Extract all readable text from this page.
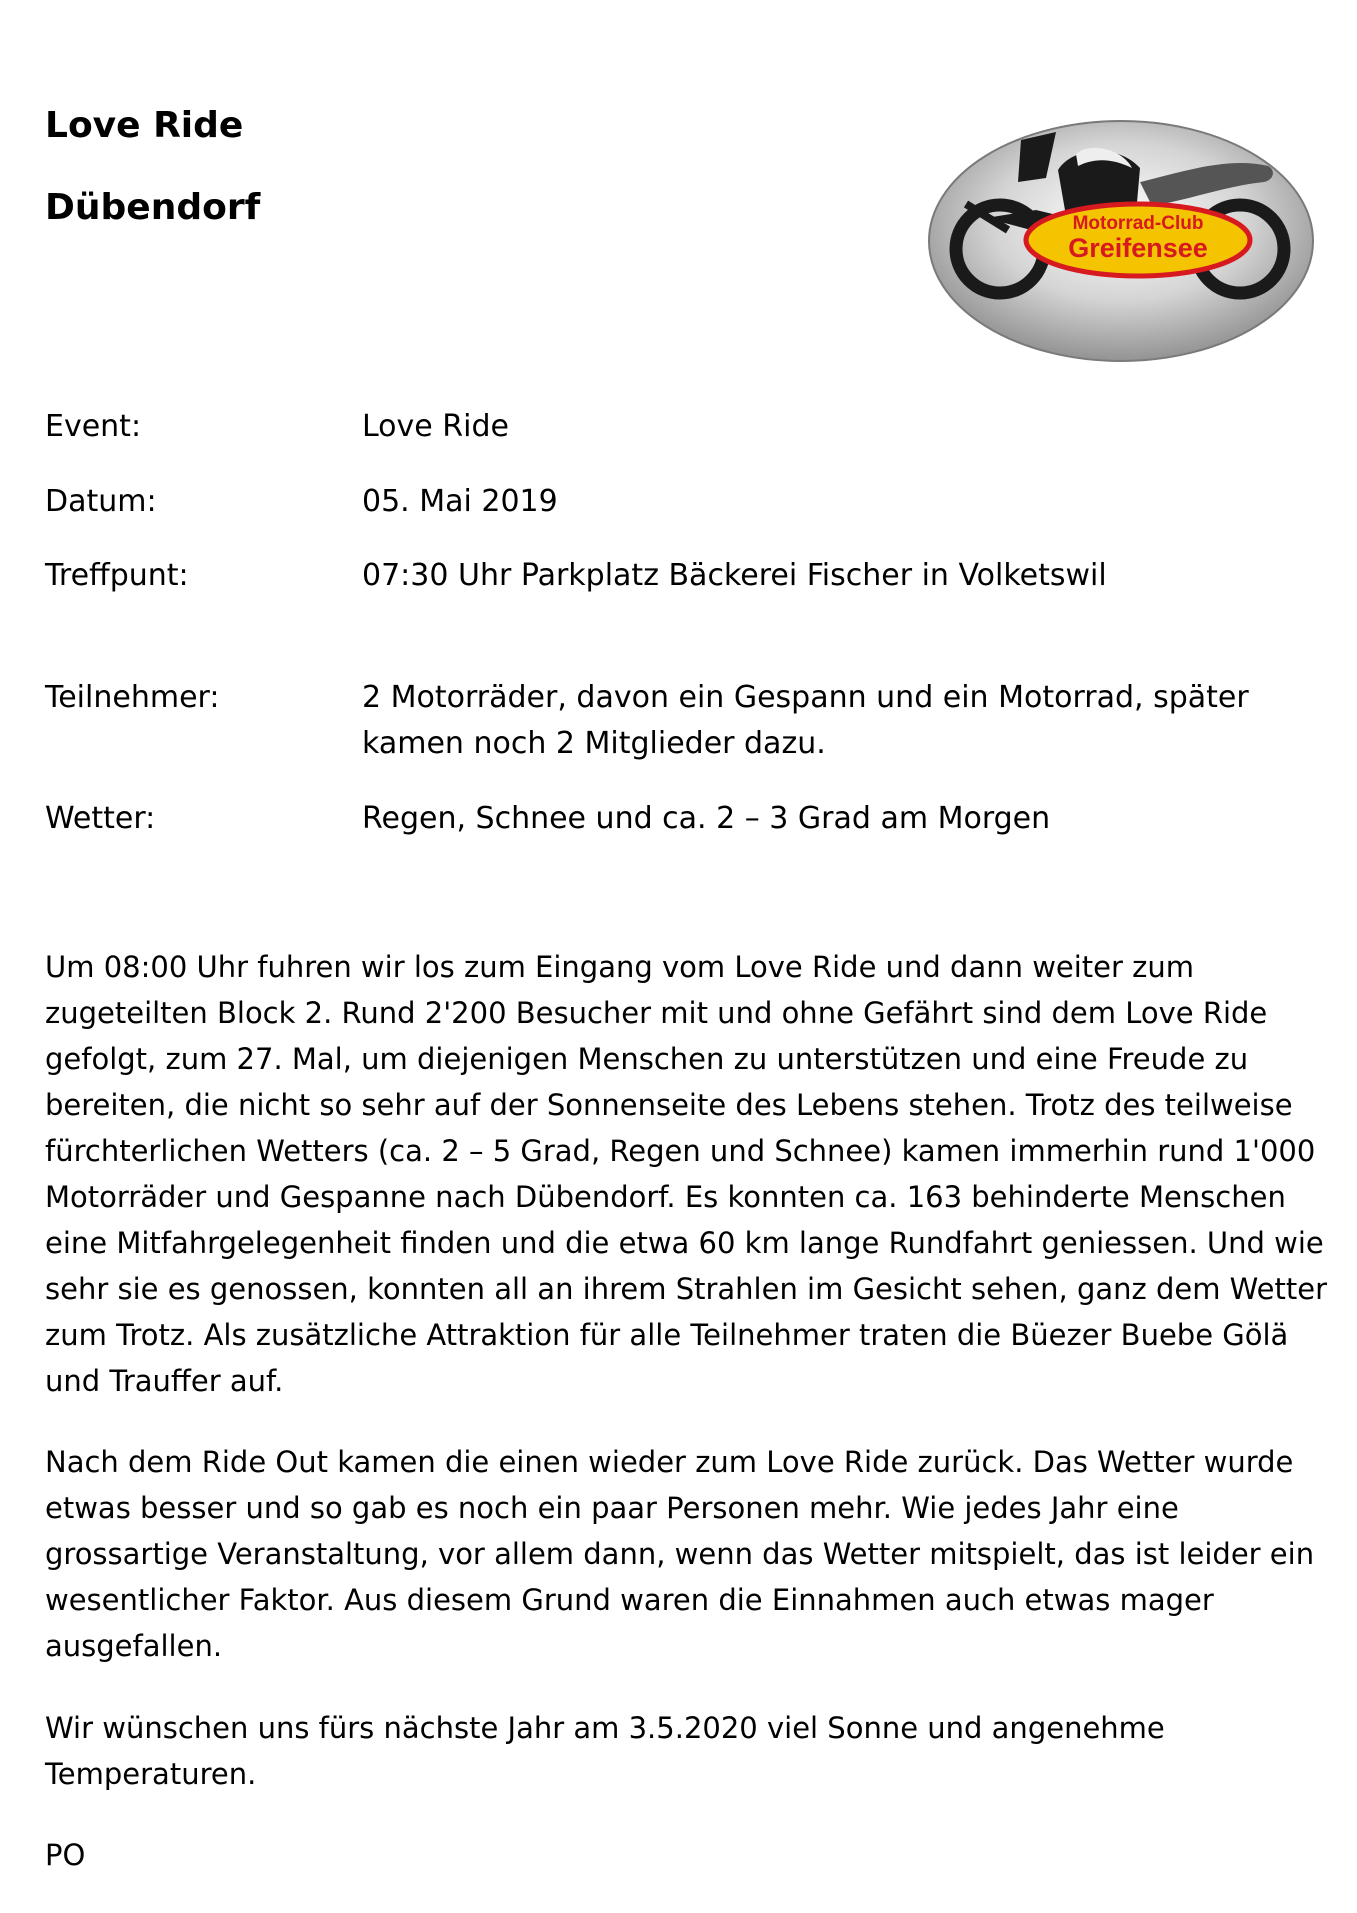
Love Ride
Dübendorf	Motorrad-Club
Greifensee
Event:	Love Ride
Datum:	05. Mai 2019
Treffpunt:	07:30 Uhr Parkplatz Bäckerei Fischer in Volketswil
Teilnehmer:	2 Motorräder, davon ein Gespann und ein Motorrad, später kamen noch 2 Mitglieder dazu.
Wetter:	Regen, Schnee und ca. 2 – 3 Grad am Morgen

Um 08:00 Uhr fuhren wir los zum Eingang vom Love Ride und dann weiter zum zugeteilten Block 2. Rund 2'200 Besucher mit und ohne Gefährt sind dem Love Ride gefolgt, zum 27. Mal, um diejenigen Menschen zu unterstützen und eine Freude zu bereiten, die nicht so sehr auf der Sonnenseite des Lebens stehen. Trotz des teilweise fürchterlichen Wetters (ca. 2 – 5 Grad, Regen und Schnee) kamen immerhin rund 1'000 Motorräder und Gespanne nach Dübendorf. Es konnten ca. 163 behinderte Menschen eine Mitfahrgelegenheit finden und die etwa 60 km lange Rundfahrt geniessen. Und wie sehr sie es genossen, konnten all an ihrem Strahlen im Gesicht sehen, ganz dem Wetter zum Trotz. Als zusätzliche Attraktion für alle Teilnehmer traten die Büezer Buebe Gölä und Trauffer auf.

Nach dem Ride Out kamen die einen wieder zum Love Ride zurück. Das Wetter wurde etwas besser und so gab es noch ein paar Personen mehr. Wie jedes Jahr eine grossartige Veranstaltung, vor allem dann, wenn das Wetter mitspielt, das ist leider ein wesentlicher Faktor. Aus diesem Grund waren die Einnahmen auch etwas mager ausgefallen.

Wir wünschen uns fürs nächste Jahr am 3.5.2020 viel Sonne und angenehme Temperaturen.

PO
